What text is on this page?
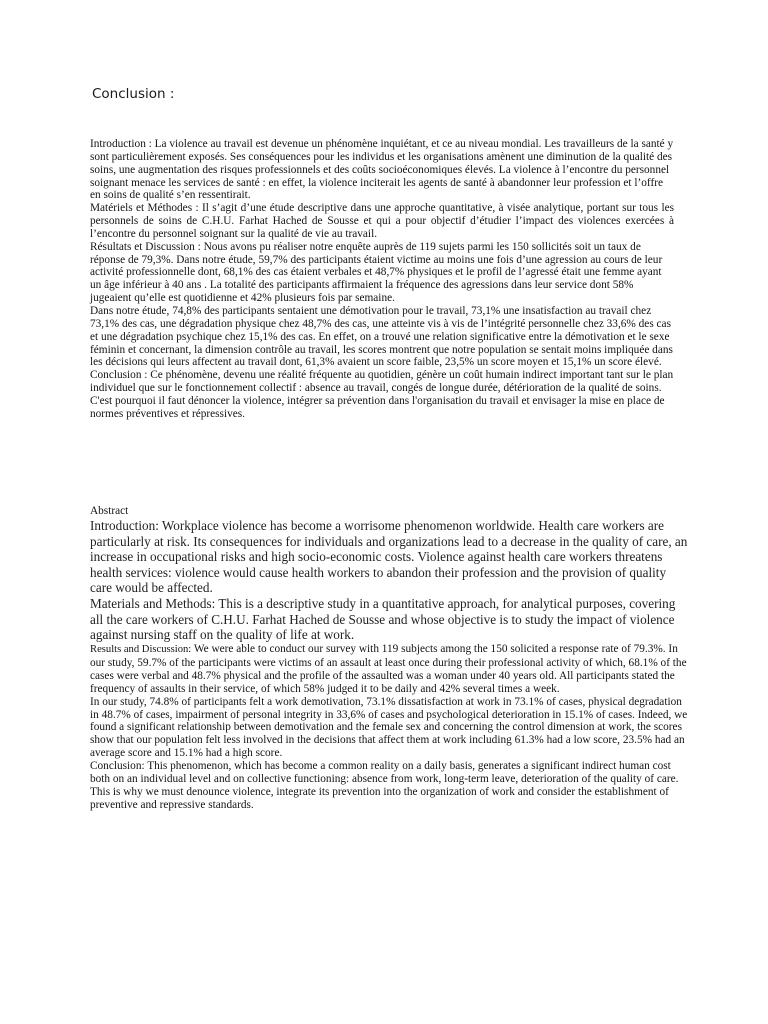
Conclusion :

Introduction : La violence au travail est devenue un phénomène inquiétant, et ce au niveau mondial. Les travailleurs de la santé y sont particulièrement exposés. Ses conséquences pour les individus et les organisations amènent une diminution de la qualité des soins, une augmentation des risques professionnels et des coûts socioéconomiques élevés. La violence à l’encontre du personnel soignant menace les services de santé : en effet, la violence inciterait les agents de santé à abandonner leur profession et l’offre en soins de qualité s’en ressentirait.

Matériels et Méthodes : Il s’agit d’une étude descriptive dans une approche quantitative, à visée analytique, portant sur tous les personnels de soins de C.H.U. Farhat Hached de Sousse et qui a pour objectif d’étudier l’impact des violences exercées à l’encontre du personnel soignant sur la qualité de vie au travail.

Résultats et Discussion : Nous avons pu réaliser notre enquête auprès de 119 sujets parmi les 150 sollicités soit un taux de réponse de 79,3%. Dans notre étude, 59,7% des participants étaient victime au moins une fois d’une agression au cours de leur activité professionnelle dont, 68,1% des cas étaient verbales et 48,7% physiques et le profil de l’agressé était une femme ayant un âge inférieur à 40 ans . La totalité des participants affirmaient la fréquence des agressions dans leur service dont 58% jugeaient qu’elle est quotidienne et 42% plusieurs fois par semaine.

Dans notre étude, 74,8% des participants sentaient une démotivation pour le travail, 73,1% une insatisfaction au travail chez 73,1% des cas, une dégradation physique chez 48,7% des cas, une atteinte vis à vis de l’intégrité personnelle chez 33,6% des cas et une dégradation psychique chez 15,1% des cas. En effet, on a trouvé une relation significative entre la démotivation et le sexe féminin et concernant, la dimension contrôle au travail, les scores montrent que notre population se sentait moins impliquée dans les décisions qui leurs affectent au travail dont, 61,3% avaient un score faible, 23,5% un score moyen et 15,1% un score élevé.

Conclusion : Ce phénomène, devenu une réalité fréquente au quotidien, génère un coût humain indirect important tant sur le plan individuel que sur le fonctionnement collectif : absence au travail, congés de longue durée, détérioration de la qualité de soins. C'est pourquoi il faut dénoncer la violence, intégrer sa prévention dans l'organisation du travail et envisager la mise en place de normes préventives et répressives.

Abstract

Introduction: Workplace violence has become a worrisome phenomenon worldwide. Health care workers are particularly at risk. Its consequences for individuals and organizations lead to a decrease in the quality of care, an increase in occupational risks and high socio-economic costs. Violence against health care workers threatens health services: violence would cause health workers to abandon their profession and the provision of quality care would be affected.

Materials and Methods: This is a descriptive study in a quantitative approach, for analytical purposes, covering all the care workers of C.H.U. Farhat Hached de Sousse and whose objective is to study the impact of violence against nursing staff on the quality of life at work.

Results and Discussion: We were able to conduct our survey with 119 subjects among the 150 solicited a response rate of 79.3%. In our study, 59.7% of the participants were victims of an assault at least once during their professional activity of which, 68.1% of the cases were verbal and 48.7% physical and the profile of the assaulted was a woman under 40 years old. All participants stated the frequency of assaults in their service, of which 58% judged it to be daily and 42% several times a week.

In our study, 74.8% of participants felt a work demotivation, 73.1% dissatisfaction at work in 73.1% of cases, physical degradation in 48.7% of cases, impairment of personal integrity in 33,6% of cases and psychological deterioration in 15.1% of cases. Indeed, we found a significant relationship between demotivation and the female sex and concerning the control dimension at work, the scores show that our population felt less involved in the decisions that affect them at work including 61.3% had a low score, 23.5% had an average score and 15.1% had a high score.

Conclusion: This phenomenon, which has become a common reality on a daily basis, generates a significant indirect human cost both on an individual level and on collective functioning: absence from work, long-term leave, deterioration of the quality of care. This is why we must denounce violence, integrate its prevention into the organization of work and consider the establishment of preventive and repressive standards.
